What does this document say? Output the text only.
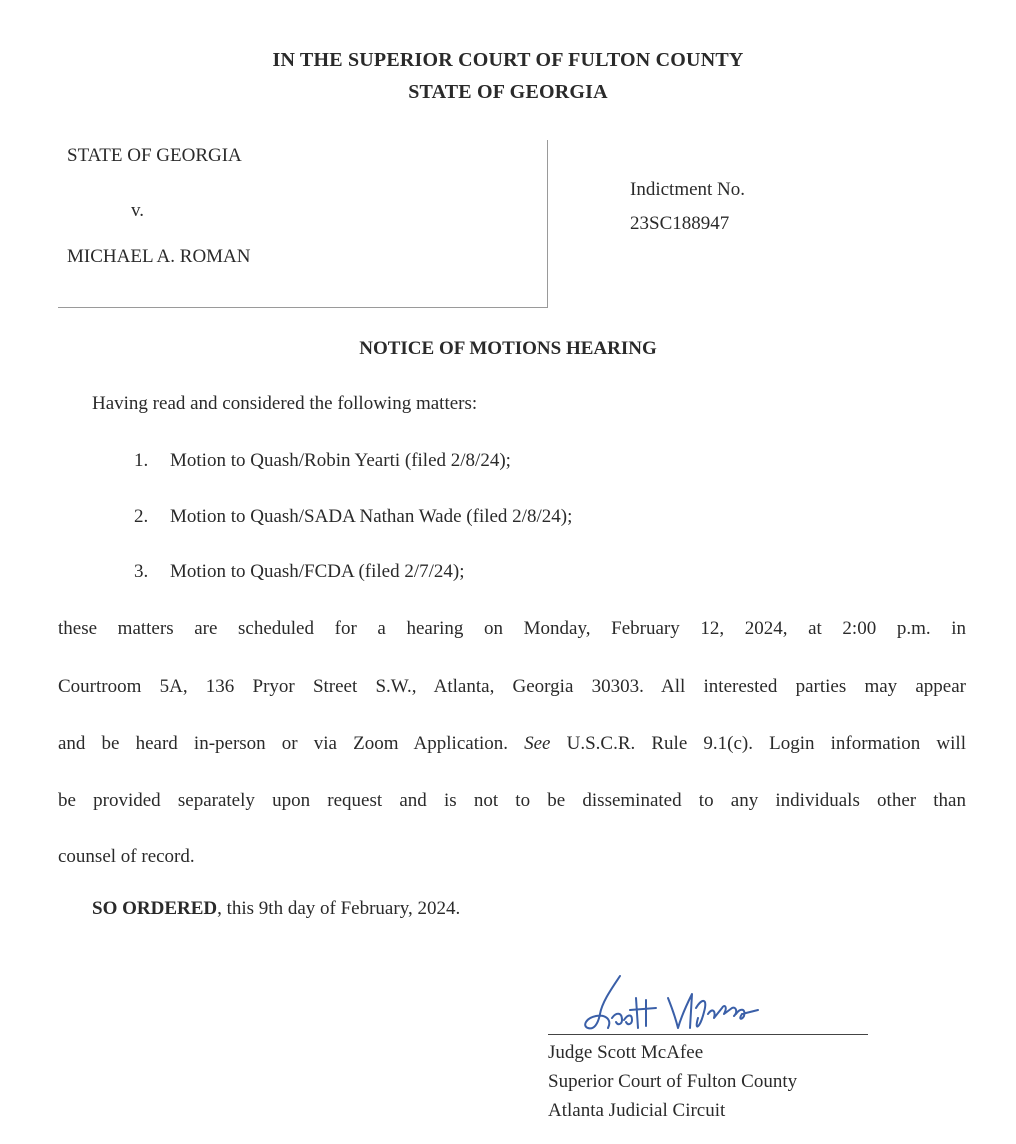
IN THE SUPERIOR COURT OF FULTON COUNTY
STATE OF GEORGIA
STATE OF GEORGIA
v.
MICHAEL A. ROMAN
Indictment No.
23SC188947
NOTICE OF MOTIONS HEARING
Having read and considered the following matters:
1. Motion to Quash/Robin Yearti (filed 2/8/24);
2. Motion to Quash/SADA Nathan Wade (filed 2/8/24);
3. Motion to Quash/FCDA (filed 2/7/24);
these matters are scheduled for a hearing on Monday, February 12, 2024, at 2:00 p.m. in
Courtroom 5A, 136 Pryor Street S.W., Atlanta, Georgia 30303. All interested parties may appear
and be heard in-person or via Zoom Application. See U.S.C.R. Rule 9.1(c). Login information will
be provided separately upon request and is not to be disseminated to any individuals other than
counsel of record.
SO ORDERED, this 9th day of February, 2024.
Judge Scott McAfee
Superior Court of Fulton County
Atlanta Judicial Circuit
